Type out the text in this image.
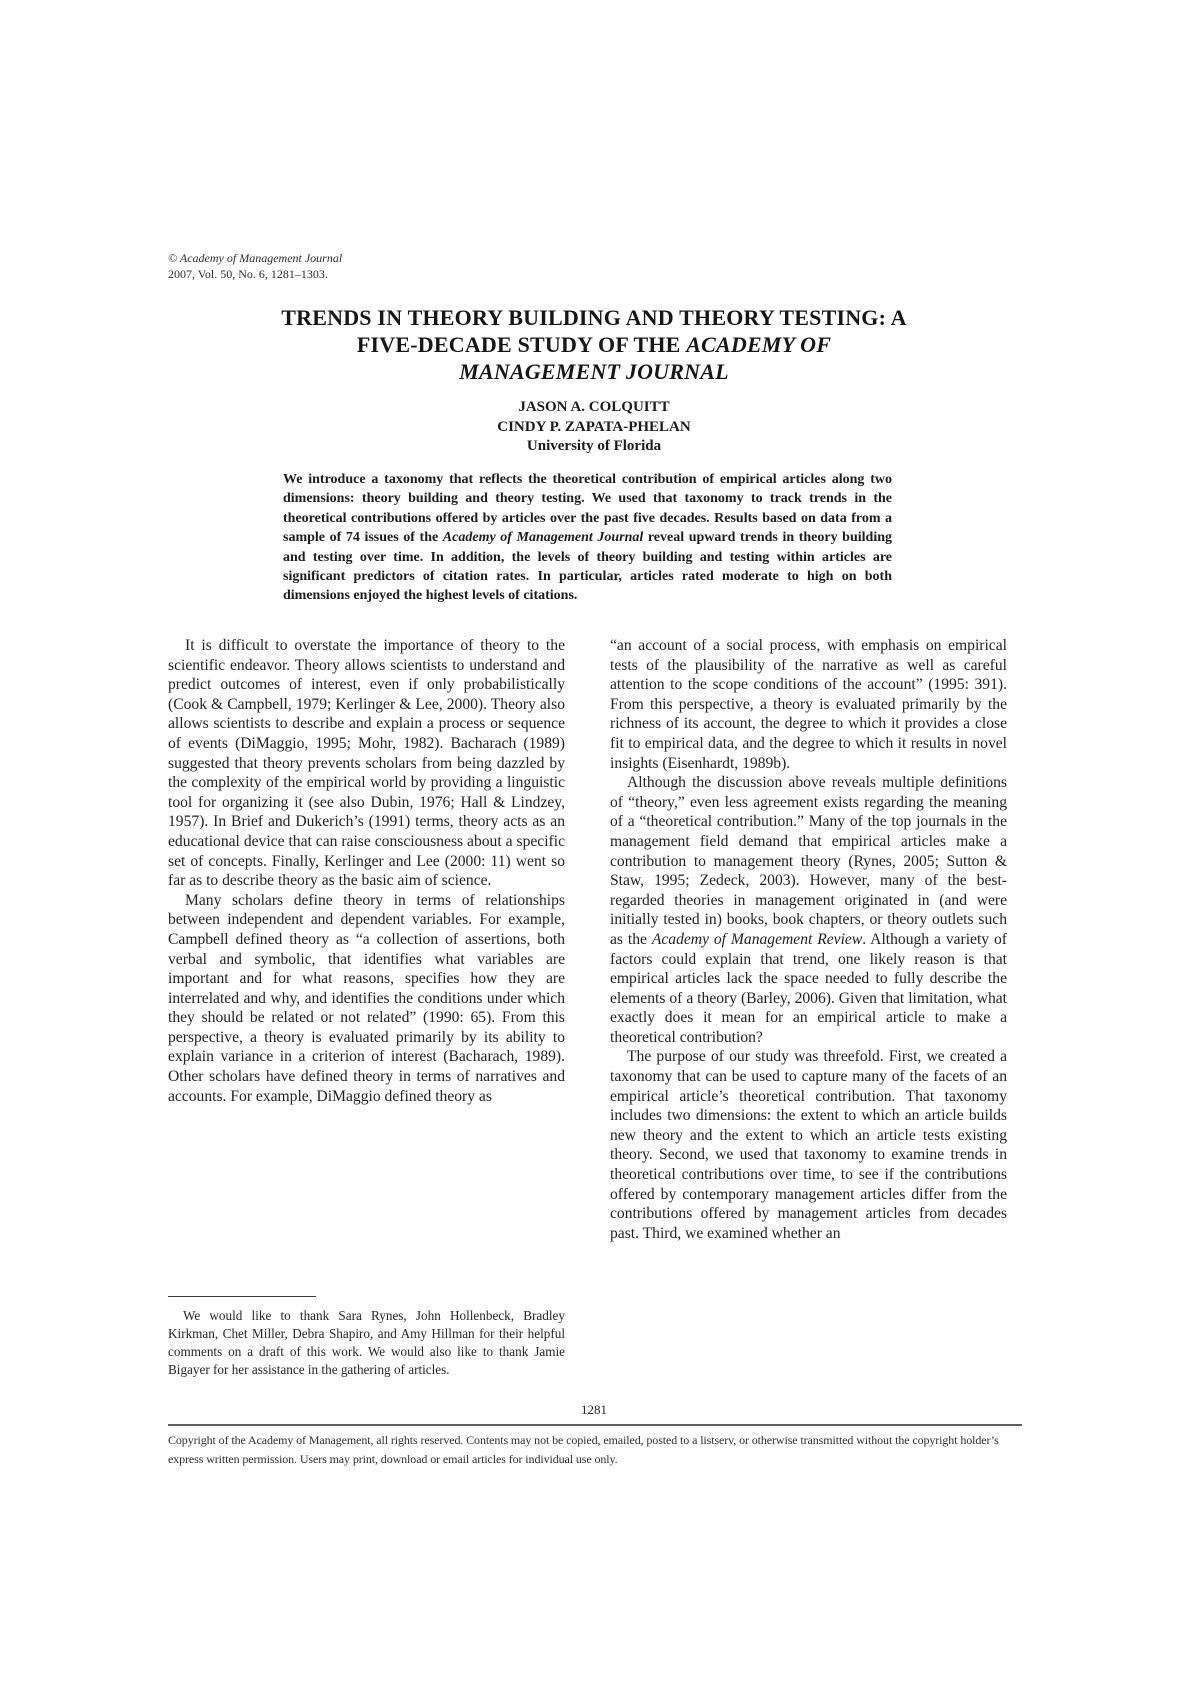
© Academy of Management Journal
2007, Vol. 50, No. 6, 1281–1303.
TRENDS IN THEORY BUILDING AND THEORY TESTING: A
FIVE-DECADE STUDY OF THE ACADEMY OF
MANAGEMENT JOURNAL
JASON A. COLQUITT
CINDY P. ZAPATA-PHELAN
University of Florida
We introduce a taxonomy that reflects the theoretical contribution of empirical articles along two dimensions: theory building and theory testing. We used that taxonomy to track trends in the theoretical contributions offered by articles over the past five decades. Results based on data from a sample of 74 issues of the Academy of Management Journal reveal upward trends in theory building and testing over time. In addition, the levels of theory building and testing within articles are significant predictors of citation rates. In particular, articles rated moderate to high on both dimensions enjoyed the highest levels of citations.

It is difficult to overstate the importance of theory to the scientific endeavor. Theory allows scientists to understand and predict outcomes of interest, even if only probabilistically (Cook & Campbell, 1979; Kerlinger & Lee, 2000). Theory also allows scientists to describe and explain a process or sequence of events (DiMaggio, 1995; Mohr, 1982). Bacharach (1989) suggested that theory prevents scholars from being dazzled by the complexity of the empirical world by providing a linguistic tool for organizing it (see also Dubin, 1976; Hall & Lindzey, 1957). In Brief and Dukerich’s (1991) terms, theory acts as an educational device that can raise consciousness about a specific set of concepts. Finally, Kerlinger and Lee (2000: 11) went so far as to describe theory as the basic aim of science.

Many scholars define theory in terms of relationships between independent and dependent variables. For example, Campbell defined theory as “a collection of assertions, both verbal and symbolic, that identifies what variables are important and for what reasons, specifies how they are interrelated and why, and identifies the conditions under which they should be related or not related” (1990: 65). From this perspective, a theory is evaluated primarily by its ability to explain variance in a criterion of interest (Bacharach, 1989). Other scholars have defined theory in terms of narratives and accounts. For example, DiMaggio defined theory as

“an account of a social process, with emphasis on empirical tests of the plausibility of the narrative as well as careful attention to the scope conditions of the account” (1995: 391). From this perspective, a theory is evaluated primarily by the richness of its account, the degree to which it provides a close fit to empirical data, and the degree to which it results in novel insights (Eisenhardt, 1989b).

Although the discussion above reveals multiple definitions of “theory,” even less agreement exists regarding the meaning of a “theoretical contribution.” Many of the top journals in the management field demand that empirical articles make a contribution to management theory (Rynes, 2005; Sutton & Staw, 1995; Zedeck, 2003). However, many of the best-regarded theories in management originated in (and were initially tested in) books, book chapters, or theory outlets such as the Academy of Management Review. Although a variety of factors could explain that trend, one likely reason is that empirical articles lack the space needed to fully describe the elements of a theory (Barley, 2006). Given that limitation, what exactly does it mean for an empirical article to make a theoretical contribution?

The purpose of our study was threefold. First, we created a taxonomy that can be used to capture many of the facets of an empirical article’s theoretical contribution. That taxonomy includes two dimensions: the extent to which an article builds new theory and the extent to which an article tests existing theory. Second, we used that taxonomy to examine trends in theoretical contributions over time, to see if the contributions offered by contemporary management articles differ from the contributions offered by management articles from decades past. Third, we examined whether an

We would like to thank Sara Rynes, John Hollenbeck, Bradley Kirkman, Chet Miller, Debra Shapiro, and Amy Hillman for their helpful comments on a draft of this work. We would also like to thank Jamie Bigayer for her assistance in the gathering of articles.
1281
Copyright of the Academy of Management, all rights reserved. Contents may not be copied, emailed, posted to a listserv, or otherwise transmitted without the copyright holder’s express written permission. Users may print, download or email articles for individual use only.
